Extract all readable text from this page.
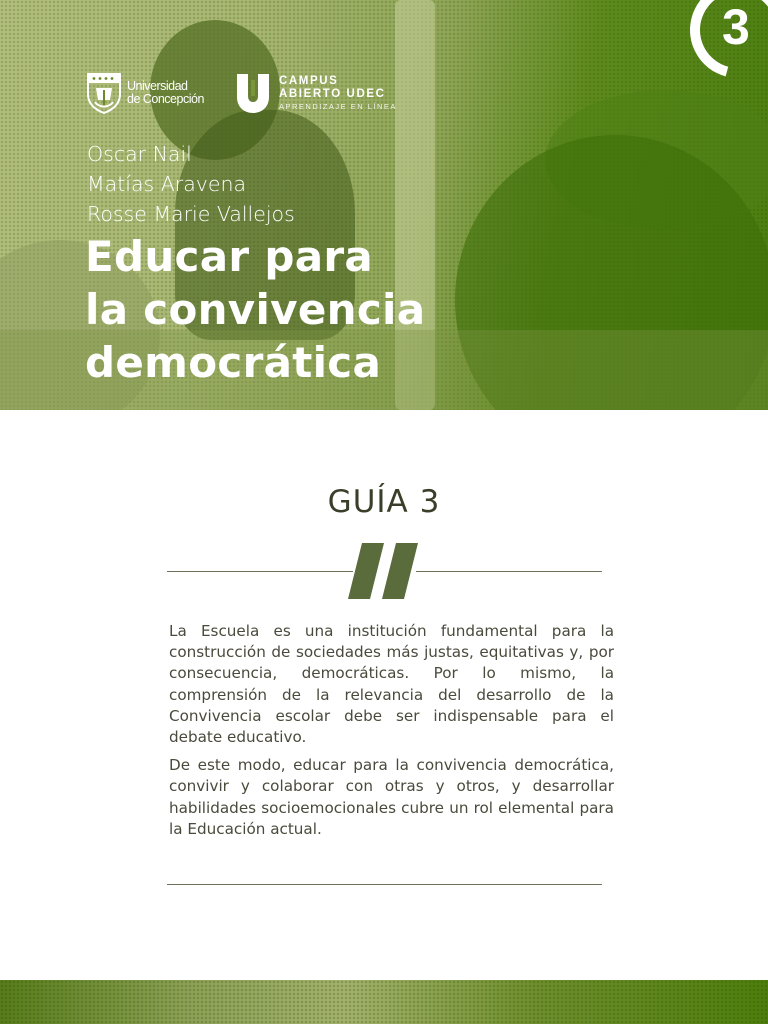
3
Universidad
de Concepción
CAMPUS
ABIERTO UDEC
APRENDIZAJE EN LÍNEA
Oscar Nail
Matías Aravena
Rosse Marie Vallejos
Educar para
la convivencia
democrática
GUÍA 3

La Escuela es una institución fundamental para la construcción de sociedades más justas, equitativas y, por consecuencia, democráticas. Por lo mismo, la comprensión de la relevancia del desarrollo de la Convivencia escolar debe ser indispensable para el debate educativo.

De este modo, educar para la convivencia democrática, convivir y colaborar con otras y otros, y desarrollar habilidades socioemocionales cubre un rol elemental para la Educación actual.
